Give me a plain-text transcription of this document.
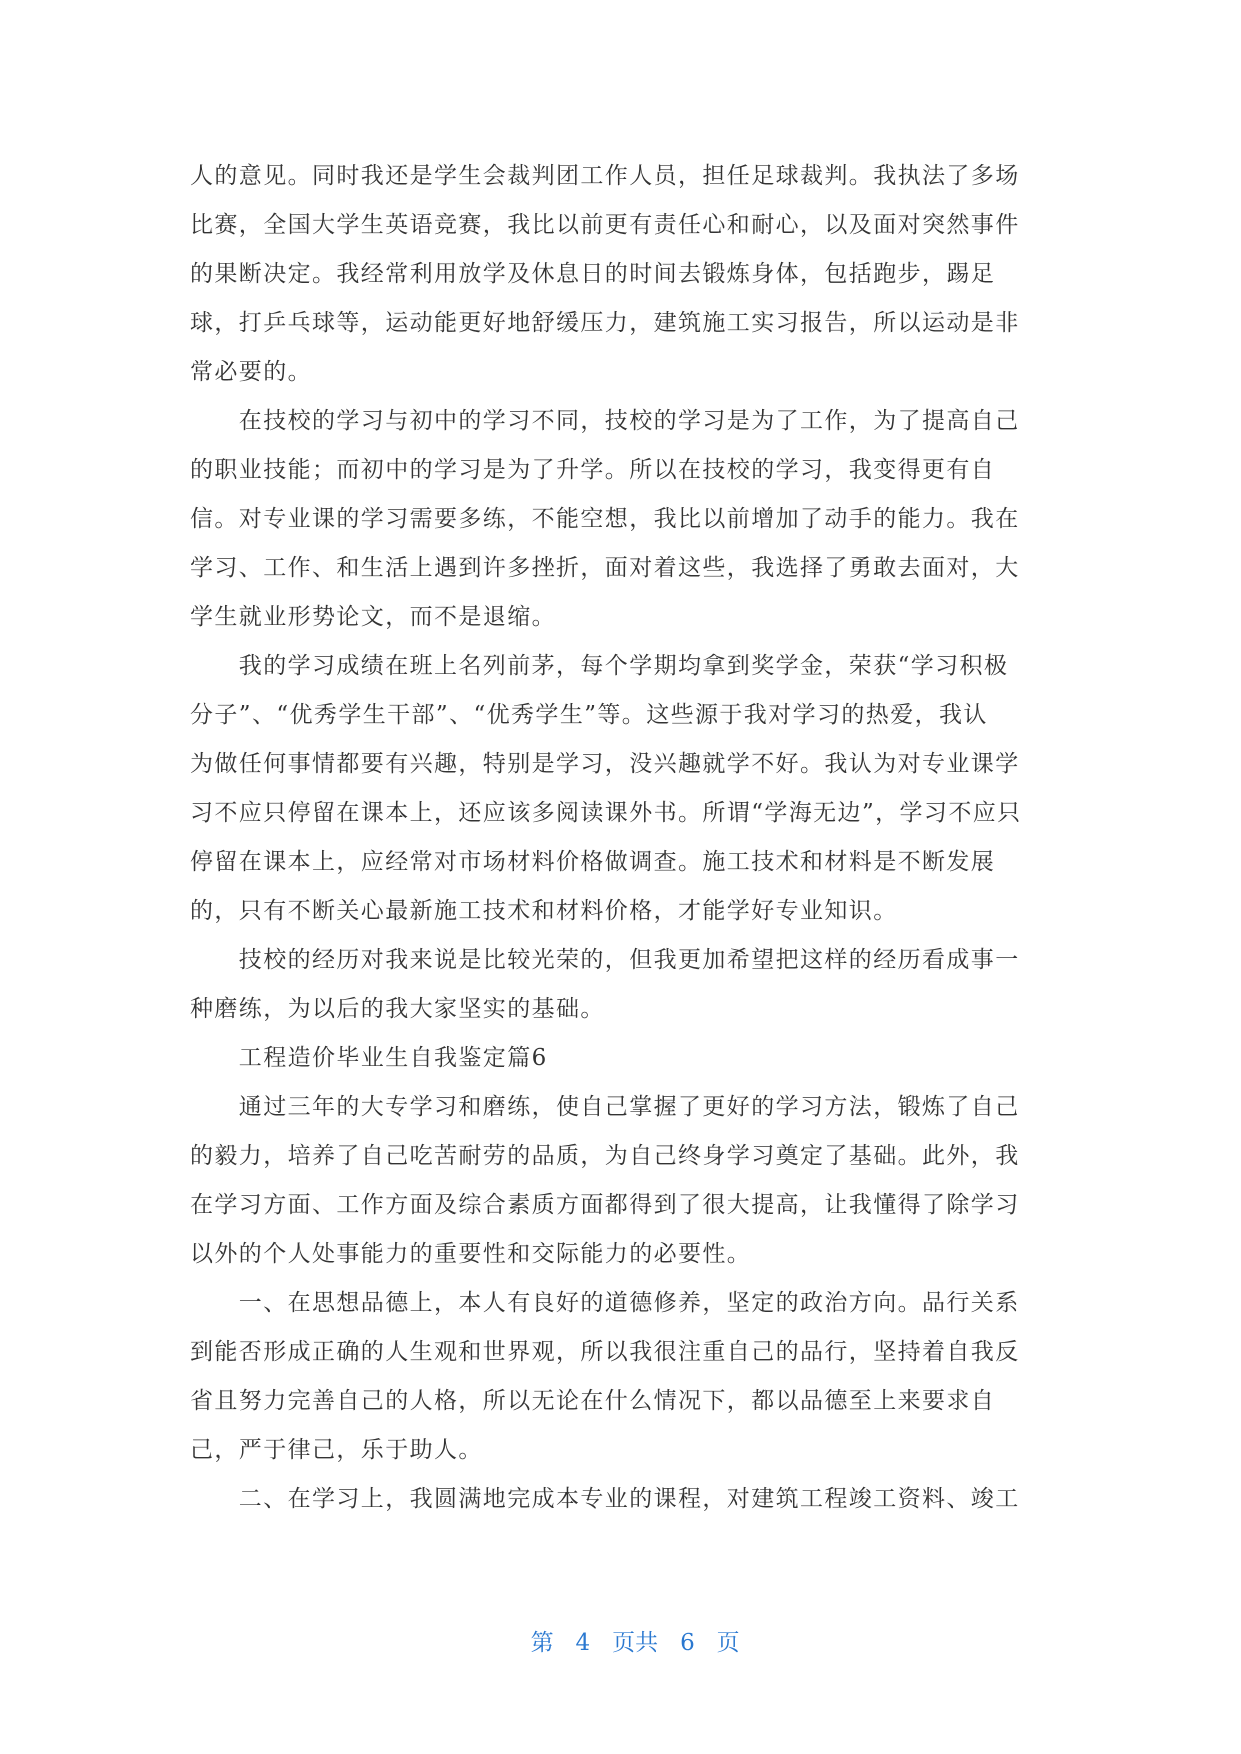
人的意见。同时我还是学生会裁判团工作人员，担任足球裁判。我执法了多场
比赛，全国大学生英语竞赛，我比以前更有责任心和耐心，以及面对突然事件
的果断决定。我经常利用放学及休息日的时间去锻炼身体，包括跑步，踢足
球，打乒乓球等，运动能更好地舒缓压力，建筑施工实习报告，所以运动是非
常必要的。
　　在技校的学习与初中的学习不同，技校的学习是为了工作，为了提高自己
的职业技能；而初中的学习是为了升学。所以在技校的学习，我变得更有自
信。对专业课的学习需要多练，不能空想，我比以前增加了动手的能力。我在
学习、工作、和生活上遇到许多挫折，面对着这些，我选择了勇敢去面对，大
学生就业形势论文，而不是退缩。
　　我的学习成绩在班上名列前茅，每个学期均拿到奖学金，荣获“学习积极
分子”、“优秀学生干部”、“优秀学生”等。这些源于我对学习的热爱，我认
为做任何事情都要有兴趣，特别是学习，没兴趣就学不好。我认为对专业课学
习不应只停留在课本上，还应该多阅读课外书。所谓“学海无边”，学习不应只
停留在课本上，应经常对市场材料价格做调查。施工技术和材料是不断发展
的，只有不断关心最新施工技术和材料价格，才能学好专业知识。
　　技校的经历对我来说是比较光荣的，但我更加希望把这样的经历看成事一
种磨练，为以后的我大家坚实的基础。
　　工程造价毕业生自我鉴定篇6
　　通过三年的大专学习和磨练，使自己掌握了更好的学习方法，锻炼了自己
的毅力，培养了自己吃苦耐劳的品质，为自己终身学习奠定了基础。此外，我
在学习方面、工作方面及综合素质方面都得到了很大提高，让我懂得了除学习
以外的个人处事能力的重要性和交际能力的必要性。
　　一、在思想品德上，本人有良好的道德修养，坚定的政治方向。品行关系
到能否形成正确的人生观和世界观，所以我很注重自己的品行，坚持着自我反
省且努力完善自己的人格，所以无论在什么情况下，都以品德至上来要求自
己，严于律己，乐于助人。
　　二、在学习上，我圆满地完成本专业的课程，对建筑工程竣工资料、竣工

第 4 页共 6 页
